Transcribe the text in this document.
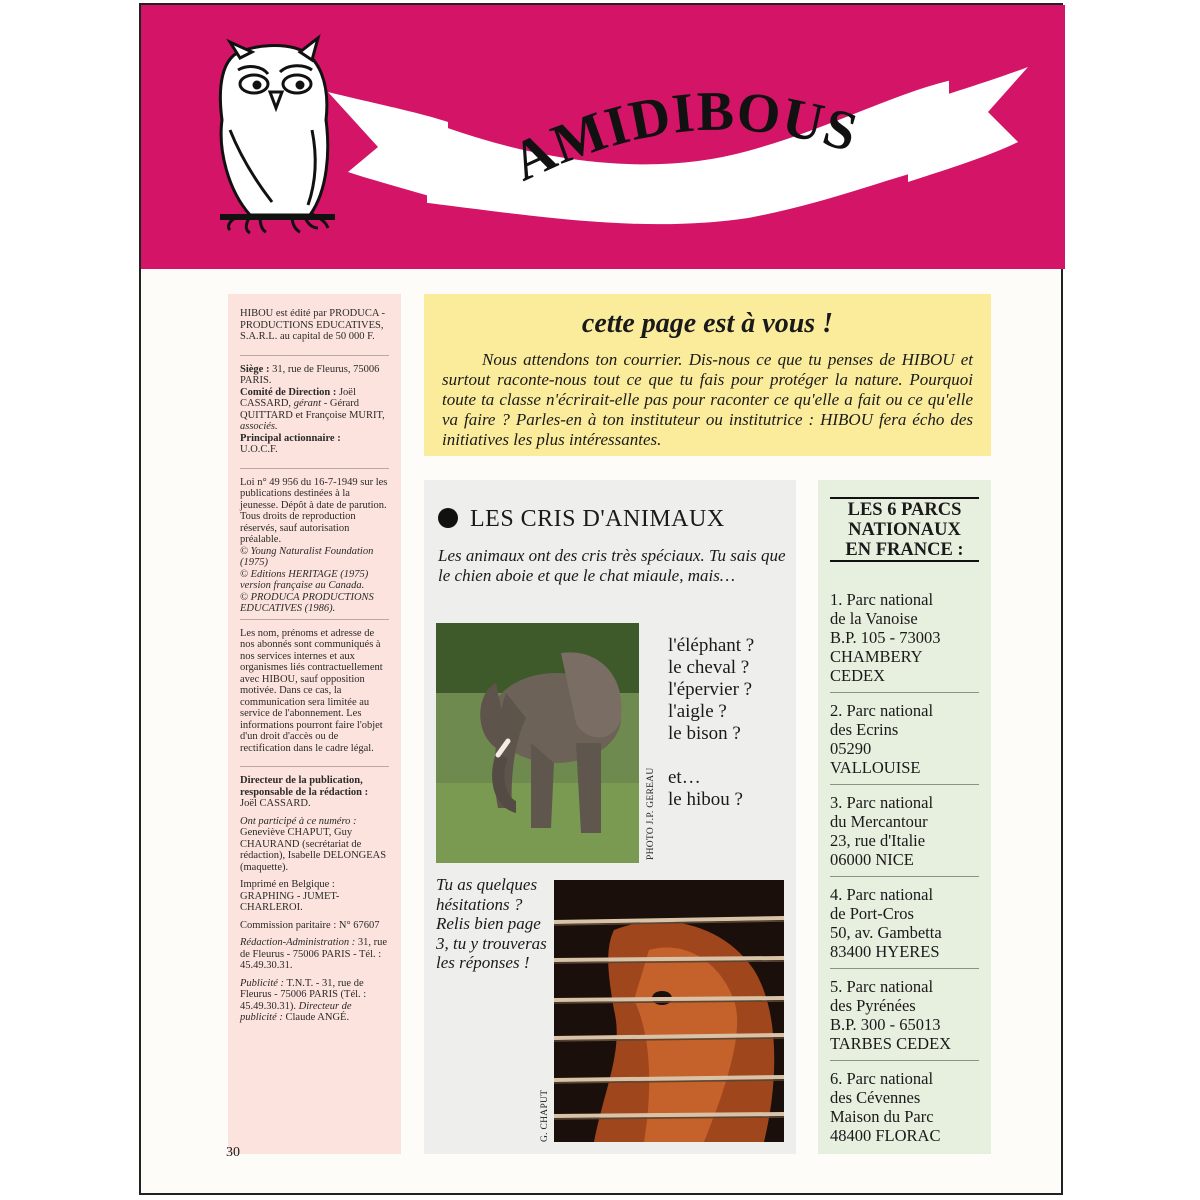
AMIDIBOUS

HIBOU est édité par PRODUCA - PRODUCTIONS EDUCATIVES, S.A.R.L. au capital de 50 000 F.

Siège : 31, rue de Fleurus, 75006 PARIS.
Comité de Direction : Joël CASSARD, gérant - Gérard QUITTARD et Françoise MURIT, associés.
Principal actionnaire :
U.O.C.F.

Loi n° 49 956 du 16-7-1949 sur les publications destinées à la jeunesse. Dépôt à date de parution. Tous droits de reproduction réservés, sauf autorisation préalable.
© Young Naturalist Foundation (1975)
© Editions HERITAGE (1975) version française au Canada.
© PRODUCA PRODUCTIONS EDUCATIVES (1986).

Les nom, prénoms et adresse de nos abonnés sont communiqués à nos services internes et aux organismes liés contractuellement avec HIBOU, sauf opposition motivée. Dans ce cas, la communication sera limitée au service de l'abonnement. Les informations pourront faire l'objet d'un droit d'accès ou de rectification dans le cadre légal.

Directeur de la publication, responsable de la rédaction :
Joël CASSARD.

Ont participé à ce numéro :
Geneviève CHAPUT, Guy CHAURAND (secrétariat de rédaction), Isabelle DELONGEAS (maquette).

Imprimé en Belgique : GRAPHING - JUMET-CHARLEROI.

Commission paritaire : N° 67607

Rédaction-Administration : 31, rue de Fleurus - 75006 PARIS - Tél. : 45.49.30.31.

Publicité : T.N.T. - 31, rue de Fleurus - 75006 PARIS (Tél. : 45.49.30.31). Directeur de publicité : Claude ANGÉ.

cette page est à vous !
Nous attendons ton courrier. Dis-nous ce que tu penses de HIBOU et surtout raconte-nous tout ce que tu fais pour protéger la nature. Pourquoi toute ta classe n'écrirait-elle pas pour raconter ce qu'elle a fait ou ce qu'elle va faire ? Parles-en à ton instituteur ou institutrice : HIBOU fera écho des initiatives les plus intéressantes.
LES CRIS D'ANIMAUX
Les animaux ont des cris très spéciaux. Tu sais que le chien aboie et que le chat miaule, mais…
PHOTO J.P. GEREAU
l'éléphant ?
le cheval ?
l'épervier ?
l'aigle ?
le bison ?
et…
le hibou ?
Tu as quelques hésitations ? Relis bien page 3, tu y trouveras les réponses !
G. CHAPUT
LES 6 PARCS
NATIONAUX
EN FRANCE :
1. Parc national
de la Vanoise
B.P. 105 - 73003
CHAMBERY
CEDEX
2. Parc national
des Ecrins
05290
VALLOUISE
3. Parc national
du Mercantour
23, rue d'Italie
06000 NICE
4. Parc national
de Port-Cros
50, av. Gambetta
83400 HYERES
5. Parc national
des Pyrénées
B.P. 300 - 65013
TARBES CEDEX
6. Parc national
des Cévennes
Maison du Parc
48400 FLORAC
30
